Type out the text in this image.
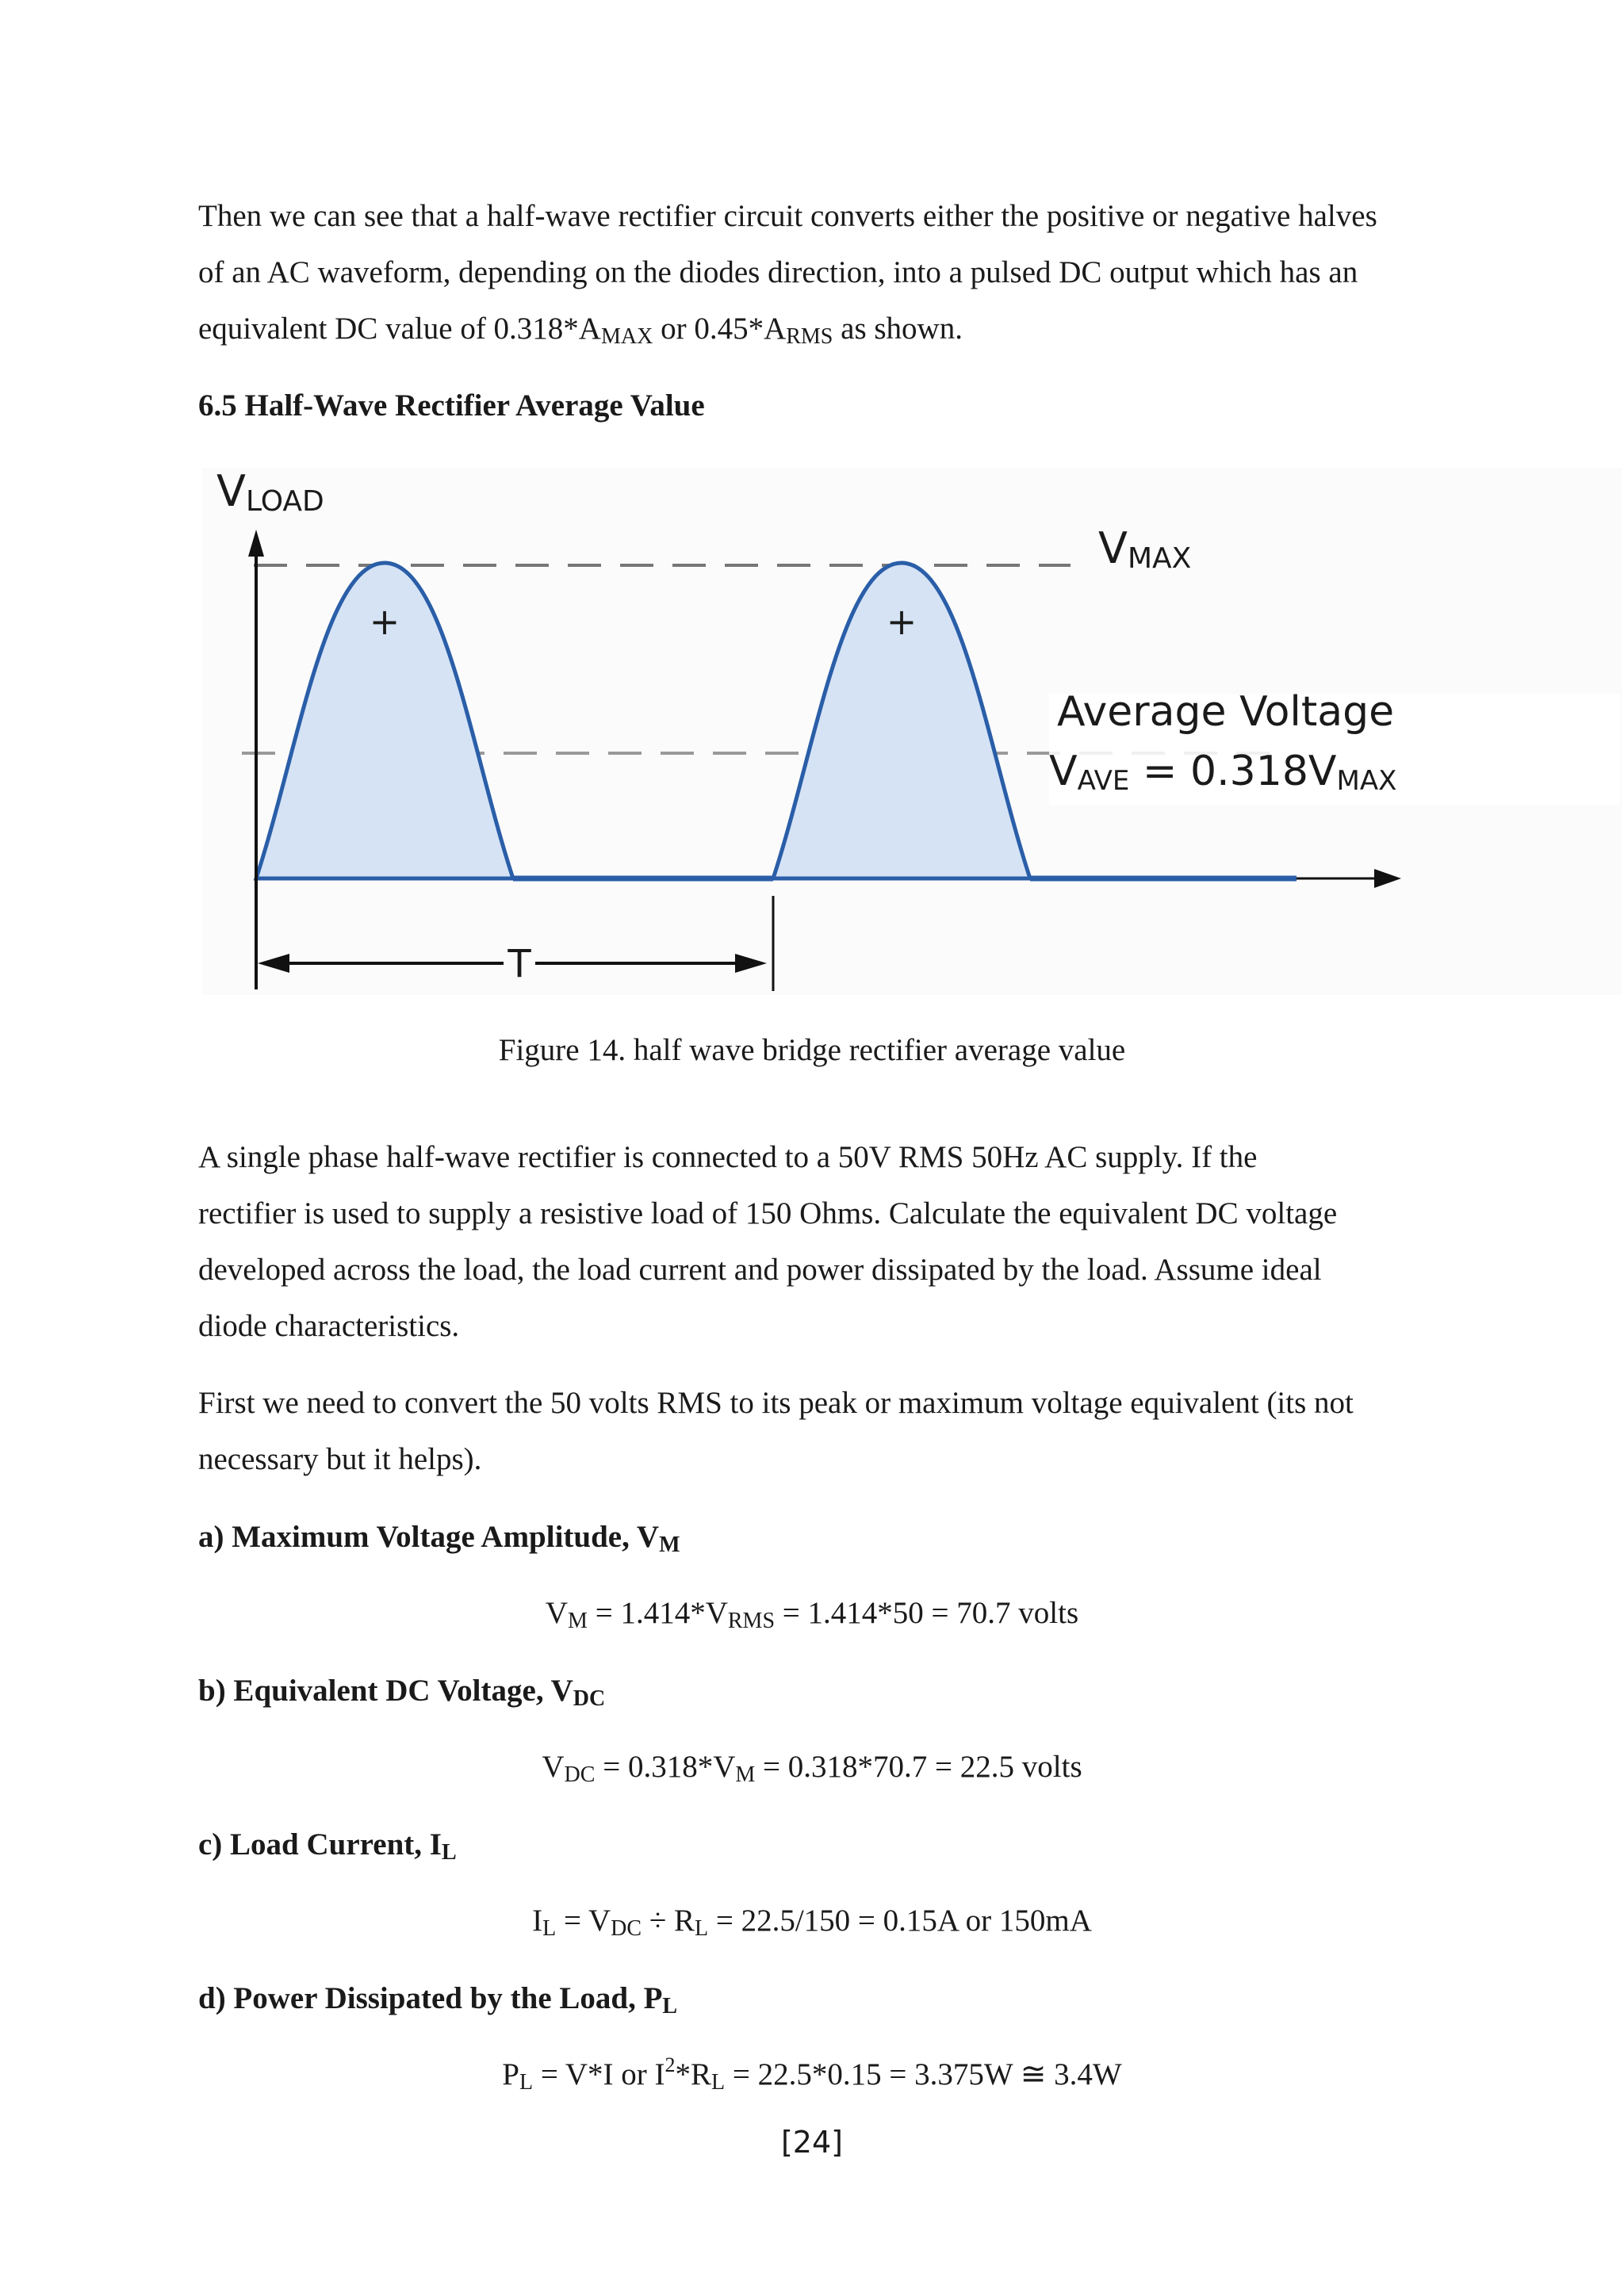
Then we can see that a half-wave rectifier circuit converts either the positive or negative halves
of an AC waveform, depending on the diodes direction, into a pulsed DC output which has an
equivalent DC value of $0.318*A_{MAX}$ or $0.45*A_{RMS}$ as shown.

6.5 Half-Wave Rectifier Average Value

VLOAD
VMAX
+	+
Average Voltage
VAVE = 0.318VMAX
T

Figure 14. half wave bridge rectifier average value

A single phase half-wave rectifier is connected to a 50V RMS 50Hz AC supply. If the
rectifier is used to supply a resistive load of 150 Ohms. Calculate the equivalent DC voltage
developed across the load, the load current and power dissipated by the load. Assume ideal
diode characteristics.

First we need to convert the 50 volts RMS to its peak or maximum voltage equivalent (its not
necessary but it helps).

a) Maximum Voltage Amplitude, $V_M$

$V_M = 1.414*V_{RMS} = 1.414*50 = 70.7$ volts

b) Equivalent DC Voltage, $V_{DC}$

$V_{DC} = 0.318*V_M = 0.318*70.7 = 22.5$ volts

c) Load Current, $I_L$

$I_L = V_{DC} \div R_L = 22.5/150 = 0.15A$ or 150mA

d) Power Dissipated by the Load, $P_L$

$P_L = V*I$ or $I^2*R_L = 22.5*0.15 = 3.375W$ ≅ 3.4W

[24]
